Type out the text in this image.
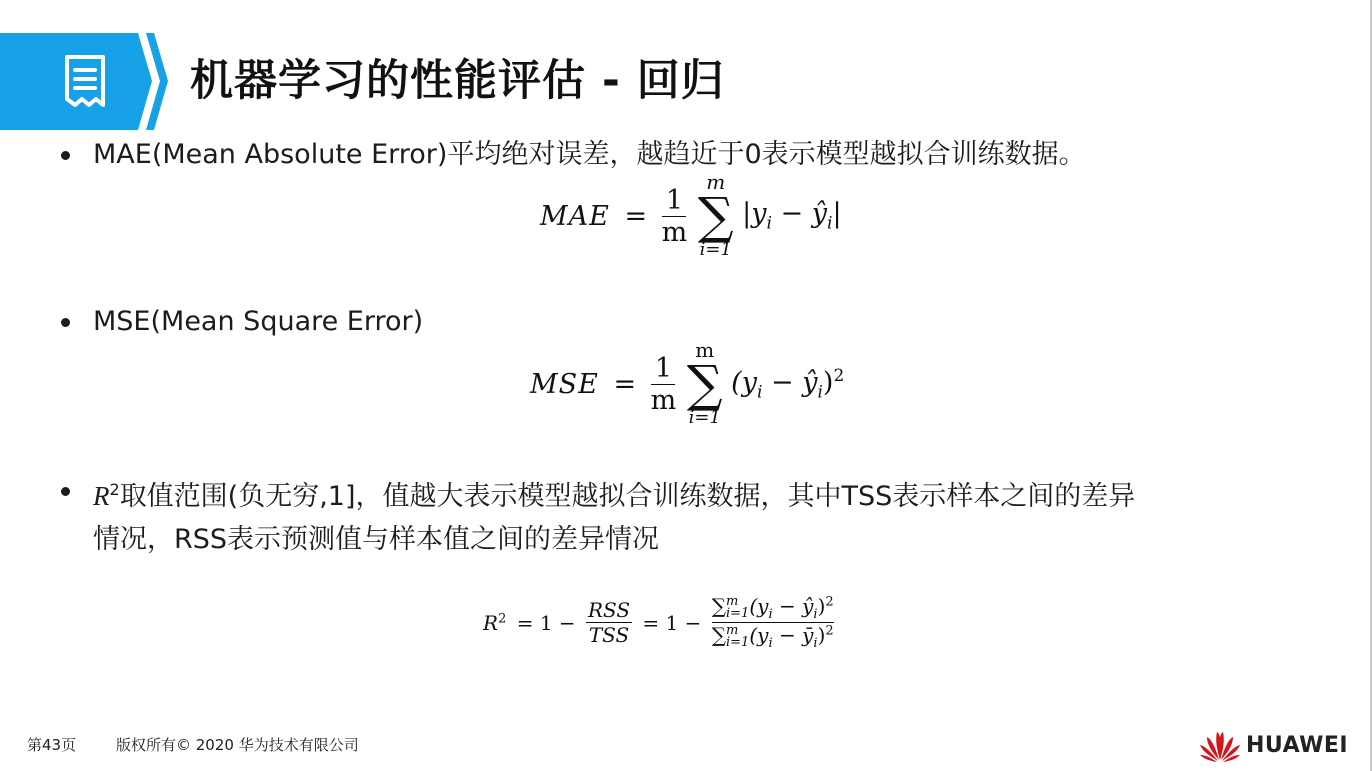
机器学习的性能评估 - 回归
MAE(Mean Absolute Error)平均绝对误差，越趋近于0表示模型越拟合训练数据。
MAE = $\frac{1}{m}$

m
∑
i=1
$|y_i$ − $ŷ_i|$
MSE(Mean Square Error)
MSE = $\frac{1}{m}$

m
∑
i=1
($y_i$ − $ŷ_i)^2$
$R^2$取值范围(负无穷,1]，值越大表示模型越拟合训练数据，其中TSS表示样本之间的差异
情况，RSS表示预测值与样本值之间的差异情况
$R^2 = 1 - \frac{\text{RSS}}{\text{TSS}} = 1$ − ∑ m
i=1 ($y_i$ − $ŷ_i)^2$
∑ m
i=1 ($y_i$ − $ȳ_i)^2$
第43页	版权所有© 2020 华为技术有限公司	HUAWEI
